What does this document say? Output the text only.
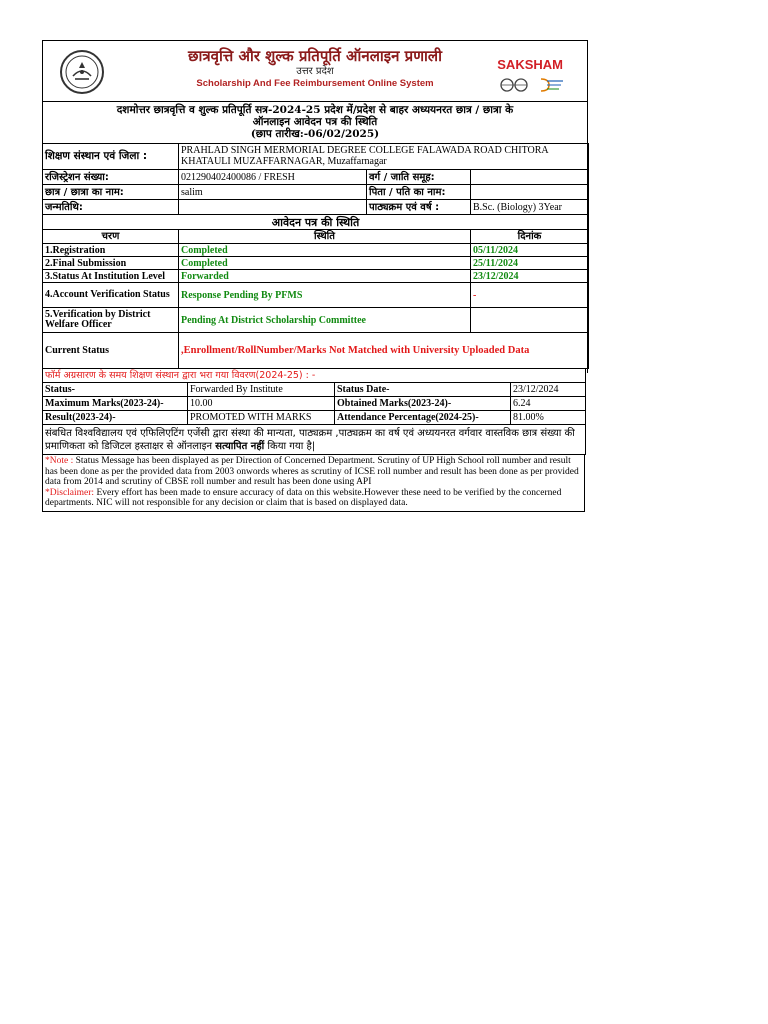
छात्रवृत्ति और शुल्क प्रतिपूर्ति ऑनलाइन प्रणाली
उत्तर प्रदेश
Scholarship And Fee Reimbursement Online System
SAKSHAM
दशमोत्तर छात्रवृत्ति व शुल्क प्रतिपूर्ति सत्र-2024-25 प्रदेश में/प्रदेश से बाहर अध्ययनरत छात्र / छात्रा के
ऑनलाइन आवेदन पत्र की स्थिति
(छाप तारीख:-06/02/2025)
शिक्षण संस्थान एवं जिला :	PRAHLAD SINGH MERMORIAL DEGREE COLLEGE FALAWADA ROAD CHITORA KHATAULI MUZAFFARNAGAR, Muzaffarnagar		
रजिस्ट्रेशन संख्या:	021290402400086 / FRESH	वर्ग / जाति समूह:	
छात्र / छात्रा का नाम:	salim	पिता / पति का नाम:	
जन्मतिथि:		पाठ्यक्रम एवं वर्ष :	B.Sc. (Biology) 3Year
आवेदन पत्र की स्थिति		
चरण	स्थिति	दिनांक
1.Registration	Completed	05/11/2024
2.Final Submission	Completed	25/11/2024
3.Status At Institution Level	Forwarded	23/12/2024
4.Account Verification Status	Response Pending By PFMS	-
5.Verification by District Welfare Officer	Pending At District Scholarship Committee	
Current Status	,Enrollment/RollNumber/Marks Not Matched with University Uploaded Data	
फॉर्म अग्रसारण के समय शिक्षण संस्थान द्वारा भरा गया विवरण(2024-25) : -			
Status-	Forwarded By Institute	Status Date-	23/12/2024
Maximum Marks(2023-24)-	10.00	Obtained Marks(2023-24)-	6.24
Result(2023-24)-	PROMOTED WITH MARKS	Attendance Percentage(2024-25)-	81.00%
संबधित विश्वविद्यालय एवं एफिलिएटिंग एजेंसी द्वारा संस्था की मान्यता, पाठ्यक्रम ,पाठ्यक्रम का वर्ष एवं अध्ययनरत वर्गवार वास्तविक छात्र संख्या की प्रमाणिकता को डिजिटल हस्ताक्षर से ऑनलाइन सत्यापित नहीं किया गया है|			
*Note : Status Message has been displayed as per Direction of Concerned Department. Scrutiny of UP High School roll number and result has been done as per the provided data from 2003 onwords wheres as scrutiny of ICSE roll number and result has been done as per provided data from 2014 and scrutiny of CBSE roll number and result has been done using API
*Disclaimer: Every effort has been made to ensure accuracy of data on this website.However these need to be verified by the concerned departments. NIC will not responsible for any decision or claim that is based on displayed data.
